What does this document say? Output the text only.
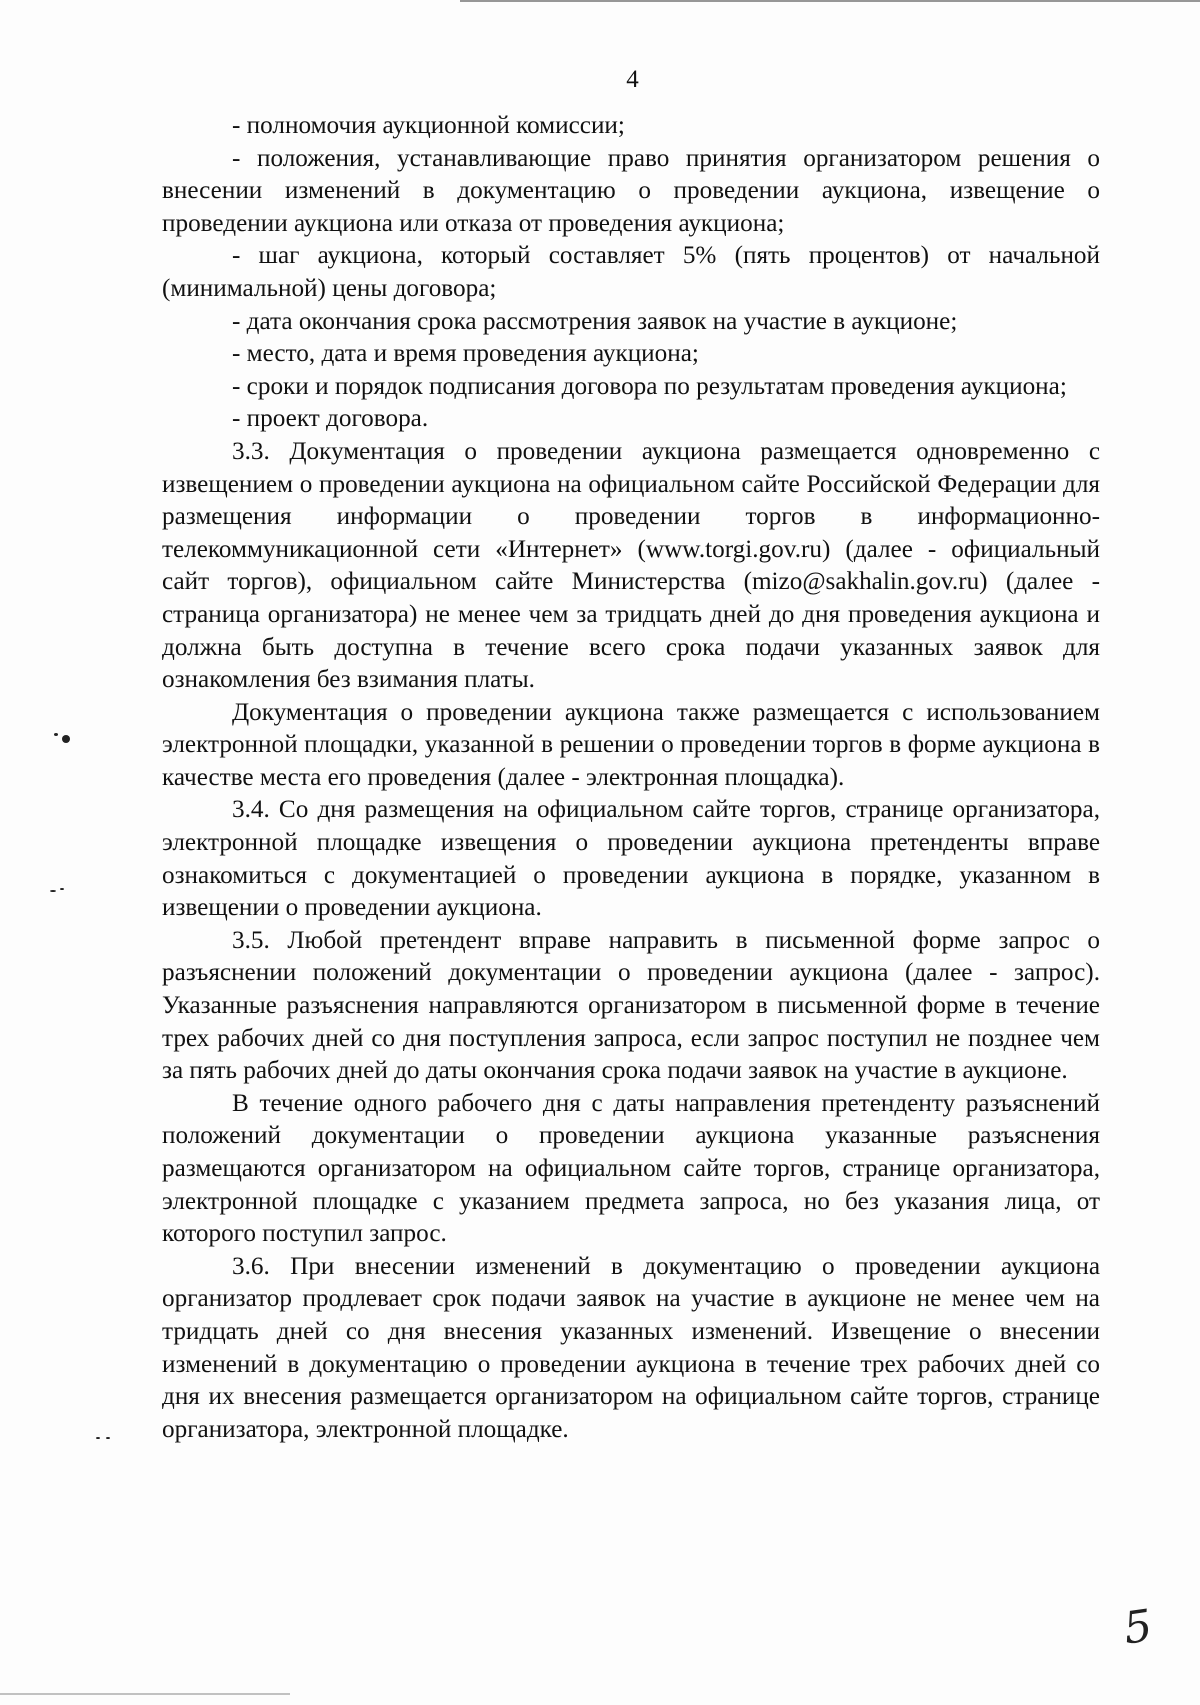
4

- полномочия аукционной комиссии;

- положения, устанавливающие право принятия организатором решения о внесении изменений в документацию о проведении аукциона, извещение о проведении аукциона или отказа от проведения аукциона;

- шаг аукциона, который составляет 5% (пять процентов) от начальной (минимальной) цены договора;

- дата окончания срока рассмотрения заявок на участие в аукционе;

- место, дата и время проведения аукциона;

- сроки и порядок подписания договора по результатам проведения аукциона;

- проект договора.

3.3. Документация о проведении аукциона размещается одновременно с извещением о проведении аукциона на официальном сайте Российской Федерации для размещения информации о проведении торгов в информационно-телекоммуникационной сети «Интернет» (www.torgi.gov.ru) (далее - официальный сайт торгов), официальном сайте Министерства (mizo@sakhalin.gov.ru) (далее - страница организатора) не менее чем за тридцать дней до дня проведения аукциона и должна быть доступна в течение всего срока подачи указанных заявок для ознакомления без взимания платы.

Документация о проведении аукциона также размещается с использованием электронной площадки, указанной в решении о проведении торгов в форме аукциона в качестве места его проведения (далее - электронная площадка).

3.4. Со дня размещения на официальном сайте торгов, странице организатора, электронной площадке извещения о проведении аукциона претенденты вправе ознакомиться с документацией о проведении аукциона в порядке, указанном в извещении о проведении аукциона.

3.5. Любой претендент вправе направить в письменной форме запрос о разъяснении положений документации о проведении аукциона (далее - запрос). Указанные разъяснения направляются организатором в письменной форме в течение трех рабочих дней со дня поступления запроса, если запрос поступил не позднее чем за пять рабочих дней до даты окончания срока подачи заявок на участие в аукционе.

В течение одного рабочего дня с даты направления претенденту разъяснений положений документации о проведении аукциона указанные разъяснения размещаются организатором на официальном сайте торгов, странице организатора, электронной площадке с указанием предмета запроса, но без указания лица, от которого поступил запрос.

3.6. При внесении изменений в документацию о проведении аукциона организатор продлевает срок подачи заявок на участие в аукционе не менее чем на тридцать дней со дня внесения указанных изменений. Извещение о внесении изменений в документацию о проведении аукциона в течение трех рабочих дней со дня их внесения размещается организатором на официальном сайте торгов, странице организатора, электронной площадке.

5
